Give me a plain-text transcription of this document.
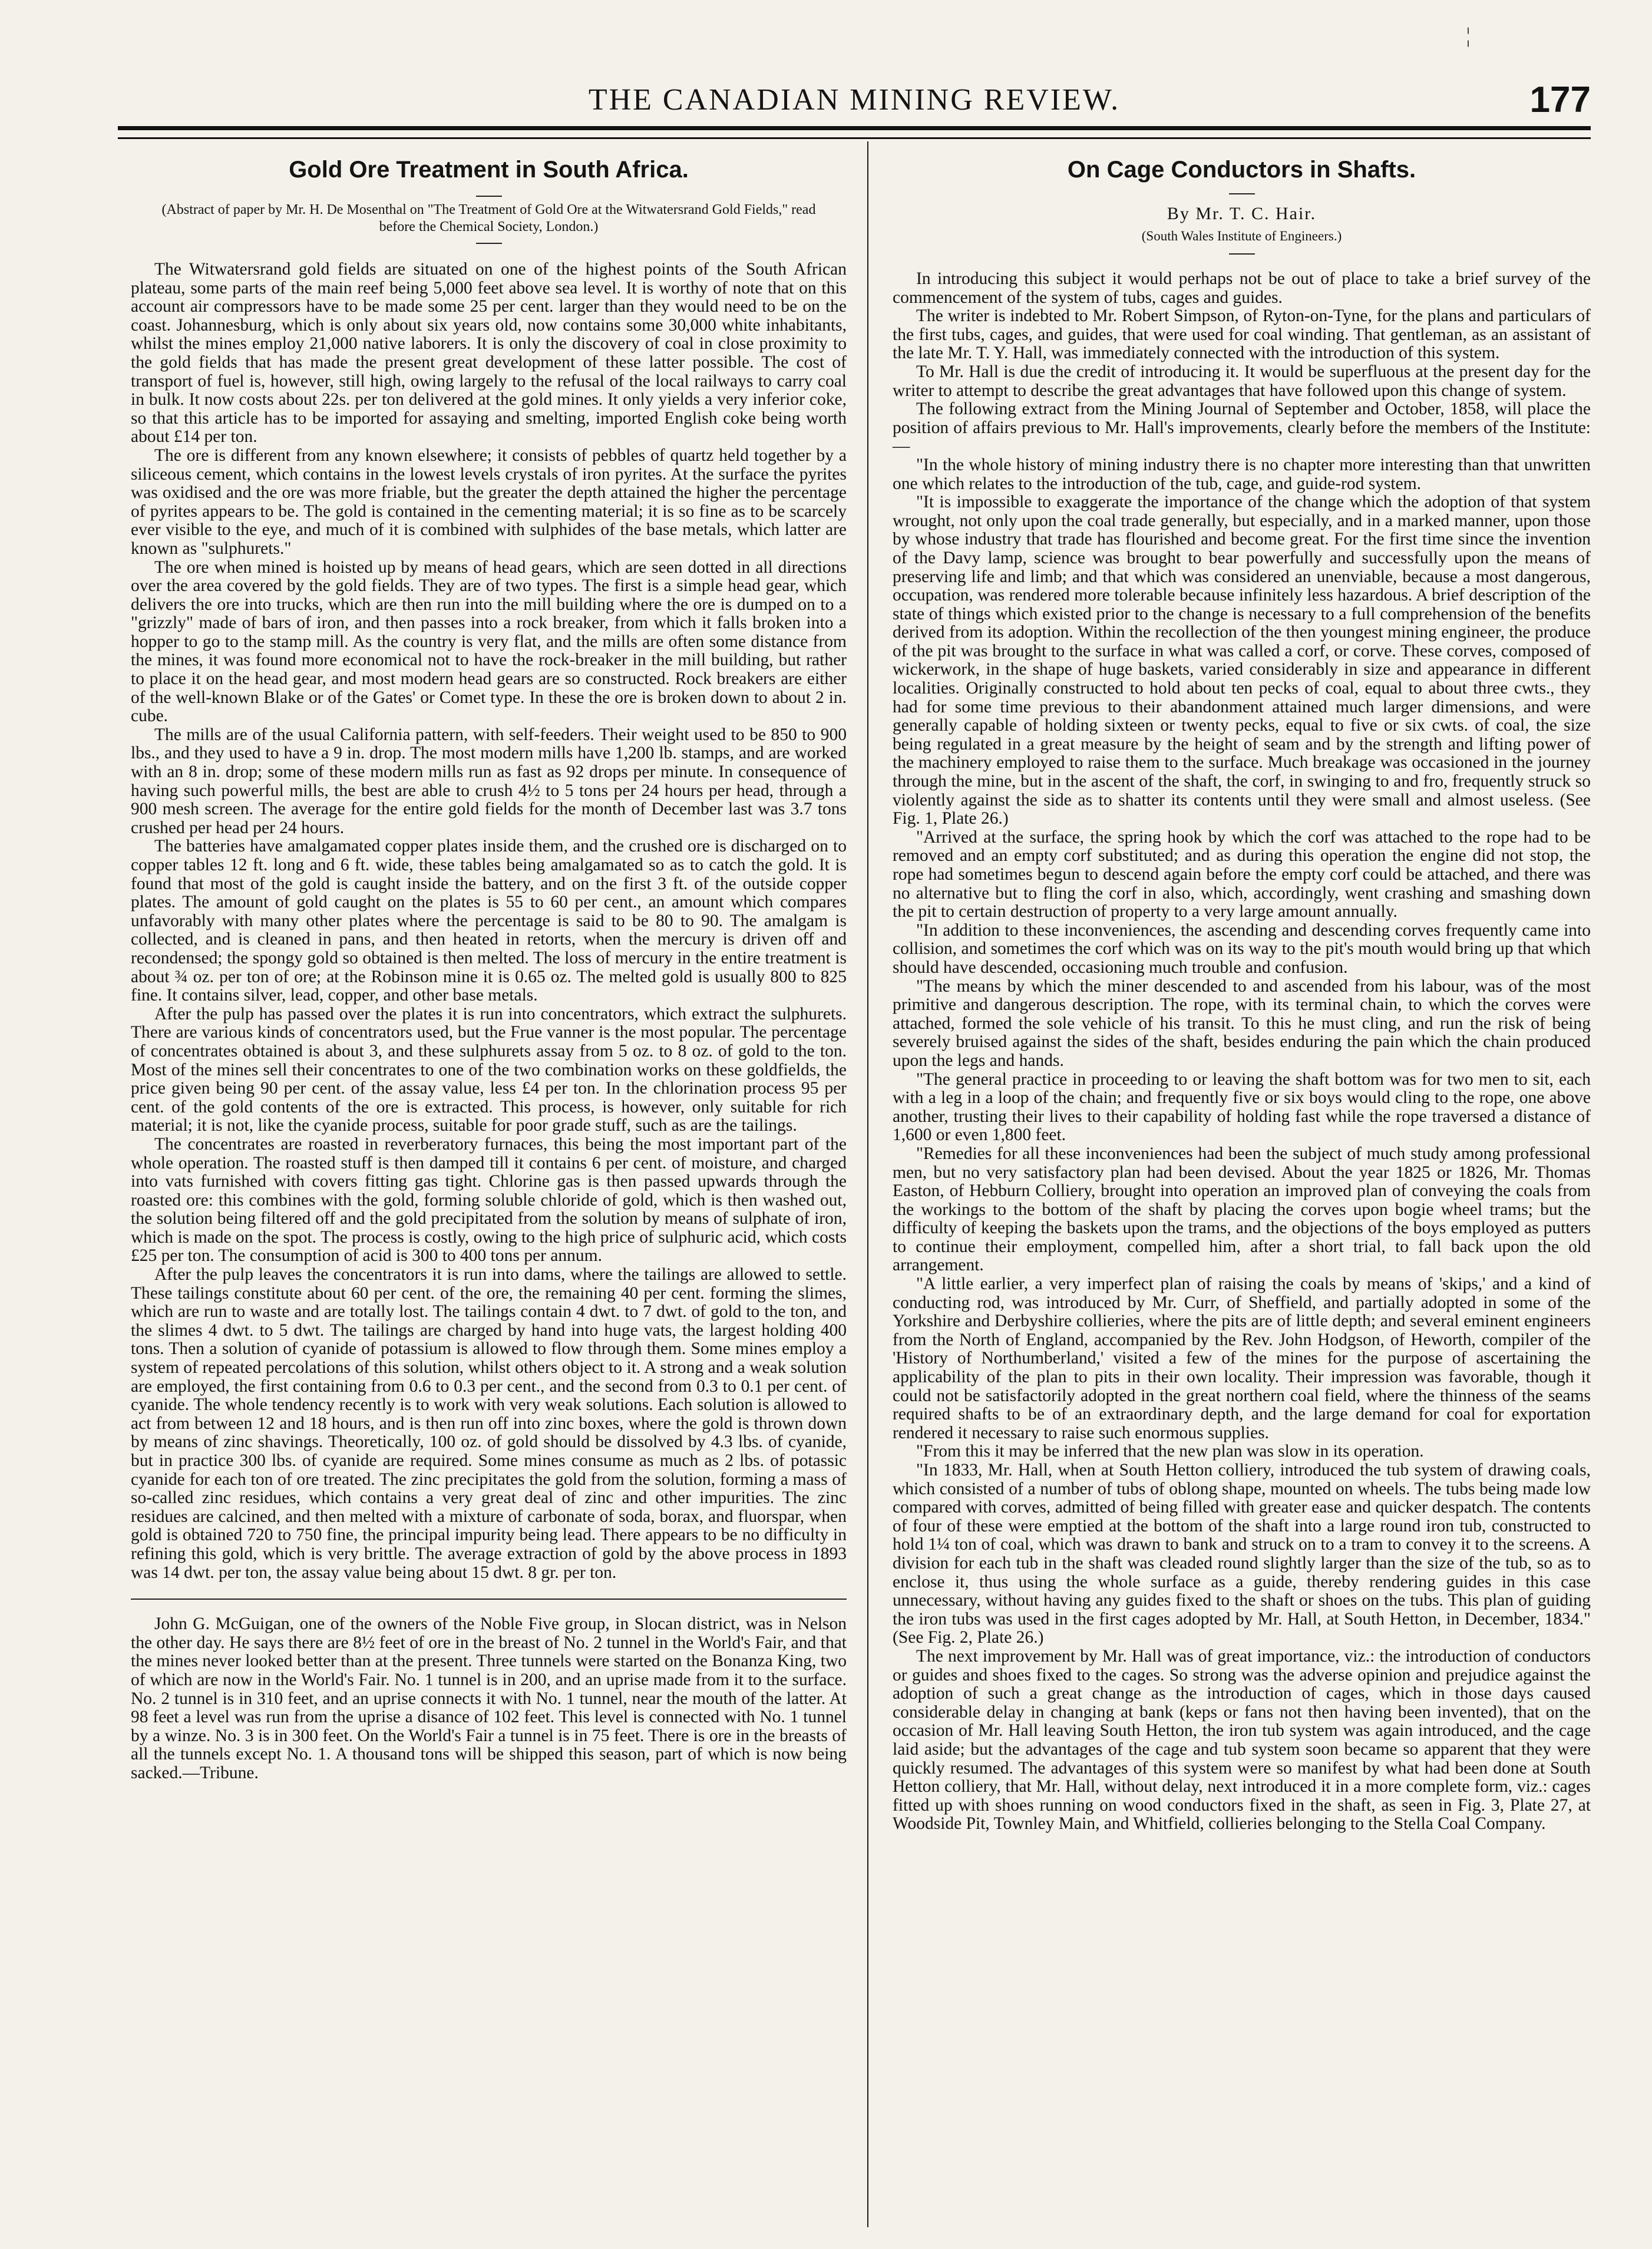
¦
THE CANADIAN MINING REVIEW.	177
Gold Ore Treatment in South Africa.
(Abstract of paper by Mr. H. De Mosenthal on "The Treatment of Gold Ore at the Witwatersrand Gold Fields," read before the Chemical Society, London.)

The Witwatersrand gold fields are situated on one of the highest points of the South African plateau, some parts of the main reef being 5,000 feet above sea level. It is worthy of note that on this account air compressors have to be made some 25 per cent. larger than they would need to be on the coast. Johannesburg, which is only about six years old, now contains some 30,000 white inhabitants, whilst the mines employ 21,000 native laborers. It is only the discovery of coal in close proximity to the gold fields that has made the present great development of these latter possible. The cost of transport of fuel is, however, still high, owing largely to the refusal of the local railways to carry coal in bulk. It now costs about 22s. per ton delivered at the gold mines. It only yields a very inferior coke, so that this article has to be imported for assaying and smelting, imported English coke being worth about £14 per ton.

The ore is different from any known elsewhere; it consists of pebbles of quartz held together by a siliceous cement, which contains in the lowest levels crystals of iron pyrites. At the surface the pyrites was oxidised and the ore was more friable, but the greater the depth attained the higher the percentage of pyrites appears to be. The gold is contained in the cementing material; it is so fine as to be scarcely ever visible to the eye, and much of it is combined with sulphides of the base metals, which latter are known as "sulphurets."

The ore when mined is hoisted up by means of head gears, which are seen dotted in all directions over the area covered by the gold fields. They are of two types. The first is a simple head gear, which delivers the ore into trucks, which are then run into the mill building where the ore is dumped on to a "grizzly" made of bars of iron, and then passes into a rock breaker, from which it falls broken into a hopper to go to the stamp mill. As the country is very flat, and the mills are often some distance from the mines, it was found more economical not to have the rock-breaker in the mill building, but rather to place it on the head gear, and most modern head gears are so constructed. Rock breakers are either of the well-known Blake or of the Gates' or Comet type. In these the ore is broken down to about 2 in. cube.

The mills are of the usual California pattern, with self-feeders. Their weight used to be 850 to 900 lbs., and they used to have a 9 in. drop. The most modern mills have 1,200 lb. stamps, and are worked with an 8 in. drop; some of these modern mills run as fast as 92 drops per minute. In consequence of having such powerful mills, the best are able to crush 4½ to 5 tons per 24 hours per head, through a 900 mesh screen. The average for the entire gold fields for the month of December last was 3.7 tons crushed per head per 24 hours.

The batteries have amalgamated copper plates inside them, and the crushed ore is discharged on to copper tables 12 ft. long and 6 ft. wide, these tables being amalgamated so as to catch the gold. It is found that most of the gold is caught inside the battery, and on the first 3 ft. of the outside copper plates. The amount of gold caught on the plates is 55 to 60 per cent., an amount which compares unfavorably with many other plates where the percentage is said to be 80 to 90. The amalgam is collected, and is cleaned in pans, and then heated in retorts, when the mercury is driven off and recondensed; the spongy gold so obtained is then melted. The loss of mercury in the entire treatment is about ¾ oz. per ton of ore; at the Robinson mine it is 0.65 oz. The melted gold is usually 800 to 825 fine. It contains silver, lead, copper, and other base metals.

After the pulp has passed over the plates it is run into concentrators, which extract the sulphurets. There are various kinds of concentrators used, but the Frue vanner is the most popular. The percentage of concentrates obtained is about 3, and these sulphurets assay from 5 oz. to 8 oz. of gold to the ton. Most of the mines sell their concentrates to one of the two combination works on these goldfields, the price given being 90 per cent. of the assay value, less £4 per ton. In the chlorination process 95 per cent. of the gold contents of the ore is extracted. This process, is however, only suitable for rich material; it is not, like the cyanide process, suitable for poor grade stuff, such as are the tailings.

The concentrates are roasted in reverberatory furnaces, this being the most important part of the whole operation. The roasted stuff is then damped till it contains 6 per cent. of moisture, and charged into vats furnished with covers fitting gas tight. Chlorine gas is then passed upwards through the roasted ore: this combines with the gold, forming soluble chloride of gold, which is then washed out, the solution being filtered off and the gold precipitated from the solution by means of sulphate of iron, which is made on the spot. The process is costly, owing to the high price of sulphuric acid, which costs £25 per ton. The consumption of acid is 300 to 400 tons per annum.

After the pulp leaves the concentrators it is run into dams, where the tailings are allowed to settle. These tailings constitute about 60 per cent. of the ore, the remaining 40 per cent. forming the slimes, which are run to waste and are totally lost. The tailings contain 4 dwt. to 7 dwt. of gold to the ton, and the slimes 4 dwt. to 5 dwt. The tailings are charged by hand into huge vats, the largest holding 400 tons. Then a solution of cyanide of potassium is allowed to flow through them. Some mines employ a system of repeated percolations of this solution, whilst others object to it. A strong and a weak solution are employed, the first containing from 0.6 to 0.3 per cent., and the second from 0.3 to 0.1 per cent. of cyanide. The whole tendency recently is to work with very weak solutions. Each solution is allowed to act from between 12 and 18 hours, and is then run off into zinc boxes, where the gold is thrown down by means of zinc shavings. Theoretically, 100 oz. of gold should be dissolved by 4.3 lbs. of cyanide, but in practice 300 lbs. of cyanide are required. Some mines consume as much as 2 lbs. of potassic cyanide for each ton of ore treated. The zinc precipitates the gold from the solution, forming a mass of so-called zinc residues, which contains a very great deal of zinc and other impurities. The zinc residues are calcined, and then melted with a mixture of carbonate of soda, borax, and fluorspar, when gold is obtained 720 to 750 fine, the principal impurity being lead. There appears to be no difficulty in refining this gold, which is very brittle. The average extraction of gold by the above process in 1893 was 14 dwt. per ton, the assay value being about 15 dwt. 8 gr. per ton.

John G. McGuigan, one of the owners of the Noble Five group, in Slocan district, was in Nelson the other day. He says there are 8½ feet of ore in the breast of No. 2 tunnel in the World's Fair, and that the mines never looked better than at the present. Three tunnels were started on the Bonanza King, two of which are now in the World's Fair. No. 1 tunnel is in 200, and an uprise made from it to the surface. No. 2 tunnel is in 310 feet, and an uprise connects it with No. 1 tunnel, near the mouth of the latter. At 98 feet a level was run from the uprise a disance of 102 feet. This level is connected with No. 1 tunnel by a winze. No. 3 is in 300 feet. On the World's Fair a tunnel is in 75 feet. There is ore in the breasts of all the tunnels except No. 1. A thousand tons will be shipped this season, part of which is now being sacked.—Tribune.

On Cage Conductors in Shafts.
By Mr. T. C. Hair.
(South Wales Institute of Engineers.)

In introducing this subject it would perhaps not be out of place to take a brief survey of the commencement of the system of tubs, cages and guides.

The writer is indebted to Mr. Robert Simpson, of Ryton-on-Tyne, for the plans and particulars of the first tubs, cages, and guides, that were used for coal winding. That gentleman, as an assistant of the late Mr. T. Y. Hall, was immediately connected with the introduction of this system.

To Mr. Hall is due the credit of introducing it. It would be superfluous at the present day for the writer to attempt to describe the great advantages that have followed upon this change of system.

The following extract from the Mining Journal of September and October, 1858, will place the position of affairs previous to Mr. Hall's improvements, clearly before the members of the Institute:—

"In the whole history of mining industry there is no chapter more interesting than that unwritten one which relates to the introduction of the tub, cage, and guide-rod system.

"It is impossible to exaggerate the importance of the change which the adoption of that system wrought, not only upon the coal trade generally, but especially, and in a marked manner, upon those by whose industry that trade has flourished and become great. For the first time since the invention of the Davy lamp, science was brought to bear powerfully and successfully upon the means of preserving life and limb; and that which was considered an unenviable, because a most dangerous, occupation, was rendered more tolerable because infinitely less hazardous. A brief description of the state of things which existed prior to the change is necessary to a full comprehension of the benefits derived from its adoption. Within the recollection of the then youngest mining engineer, the produce of the pit was brought to the surface in what was called a corf, or corve. These corves, composed of wickerwork, in the shape of huge baskets, varied considerably in size and appearance in different localities. Originally constructed to hold about ten pecks of coal, equal to about three cwts., they had for some time previous to their abandonment attained much larger dimensions, and were generally capable of holding sixteen or twenty pecks, equal to five or six cwts. of coal, the size being regulated in a great measure by the height of seam and by the strength and lifting power of the machinery employed to raise them to the surface. Much breakage was occasioned in the journey through the mine, but in the ascent of the shaft, the corf, in swinging to and fro, frequently struck so violently against the side as to shatter its contents until they were small and almost useless. (See Fig. 1, Plate 26.)

"Arrived at the surface, the spring hook by which the corf was attached to the rope had to be removed and an empty corf substituted; and as during this operation the engine did not stop, the rope had sometimes begun to descend again before the empty corf could be attached, and there was no alternative but to fling the corf in also, which, accordingly, went crashing and smashing down the pit to certain destruction of property to a very large amount annually.

"In addition to these inconveniences, the ascending and descending corves frequently came into collision, and sometimes the corf which was on its way to the pit's mouth would bring up that which should have descended, occasioning much trouble and confusion.

"The means by which the miner descended to and ascended from his labour, was of the most primitive and dangerous description. The rope, with its terminal chain, to which the corves were attached, formed the sole vehicle of his transit. To this he must cling, and run the risk of being severely bruised against the sides of the shaft, besides enduring the pain which the chain produced upon the legs and hands.

"The general practice in proceeding to or leaving the shaft bottom was for two men to sit, each with a leg in a loop of the chain; and frequently five or six boys would cling to the rope, one above another, trusting their lives to their capability of holding fast while the rope traversed a distance of 1,600 or even 1,800 feet.

"Remedies for all these inconveniences had been the subject of much study among professional men, but no very satisfactory plan had been devised. About the year 1825 or 1826, Mr. Thomas Easton, of Hebburn Colliery, brought into operation an improved plan of conveying the coals from the workings to the bottom of the shaft by placing the corves upon bogie wheel trams; but the difficulty of keeping the baskets upon the trams, and the objections of the boys employed as putters to continue their employment, compelled him, after a short trial, to fall back upon the old arrangement.

"A little earlier, a very imperfect plan of raising the coals by means of 'skips,' and a kind of conducting rod, was introduced by Mr. Curr, of Sheffield, and partially adopted in some of the Yorkshire and Derbyshire collieries, where the pits are of little depth; and several eminent engineers from the North of England, accompanied by the Rev. John Hodgson, of Heworth, compiler of the 'History of Northumberland,' visited a few of the mines for the purpose of ascertaining the applicability of the plan to pits in their own locality. Their impression was favorable, though it could not be satisfactorily adopted in the great northern coal field, where the thinness of the seams required shafts to be of an extraordinary depth, and the large demand for coal for exportation rendered it necessary to raise such enormous supplies.

"From this it may be inferred that the new plan was slow in its operation.

"In 1833, Mr. Hall, when at South Hetton colliery, introduced the tub system of drawing coals, which consisted of a number of tubs of oblong shape, mounted on wheels. The tubs being made low compared with corves, admitted of being filled with greater ease and quicker despatch. The contents of four of these were emptied at the bottom of the shaft into a large round iron tub, constructed to hold 1¼ ton of coal, which was drawn to bank and struck on to a tram to convey it to the screens. A division for each tub in the shaft was cleaded round slightly larger than the size of the tub, so as to enclose it, thus using the whole surface as a guide, thereby rendering guides in this case unnecessary, without having any guides fixed to the shaft or shoes on the tubs. This plan of guiding the iron tubs was used in the first cages adopted by Mr. Hall, at South Hetton, in December, 1834." (See Fig. 2, Plate 26.)

The next improvement by Mr. Hall was of great importance, viz.: the introduction of conductors or guides and shoes fixed to the cages. So strong was the adverse opinion and prejudice against the adoption of such a great change as the introduction of cages, which in those days caused considerable delay in changing at bank (keps or fans not then having been invented), that on the occasion of Mr. Hall leaving South Hetton, the iron tub system was again introduced, and the cage laid aside; but the advantages of the cage and tub system soon became so apparent that they were quickly resumed. The advantages of this system were so manifest by what had been done at South Hetton colliery, that Mr. Hall, without delay, next introduced it in a more complete form, viz.: cages fitted up with shoes running on wood conductors fixed in the shaft, as seen in Fig. 3, Plate 27, at Woodside Pit, Townley Main, and Whitfield, collieries belonging to the Stella Coal Company.
